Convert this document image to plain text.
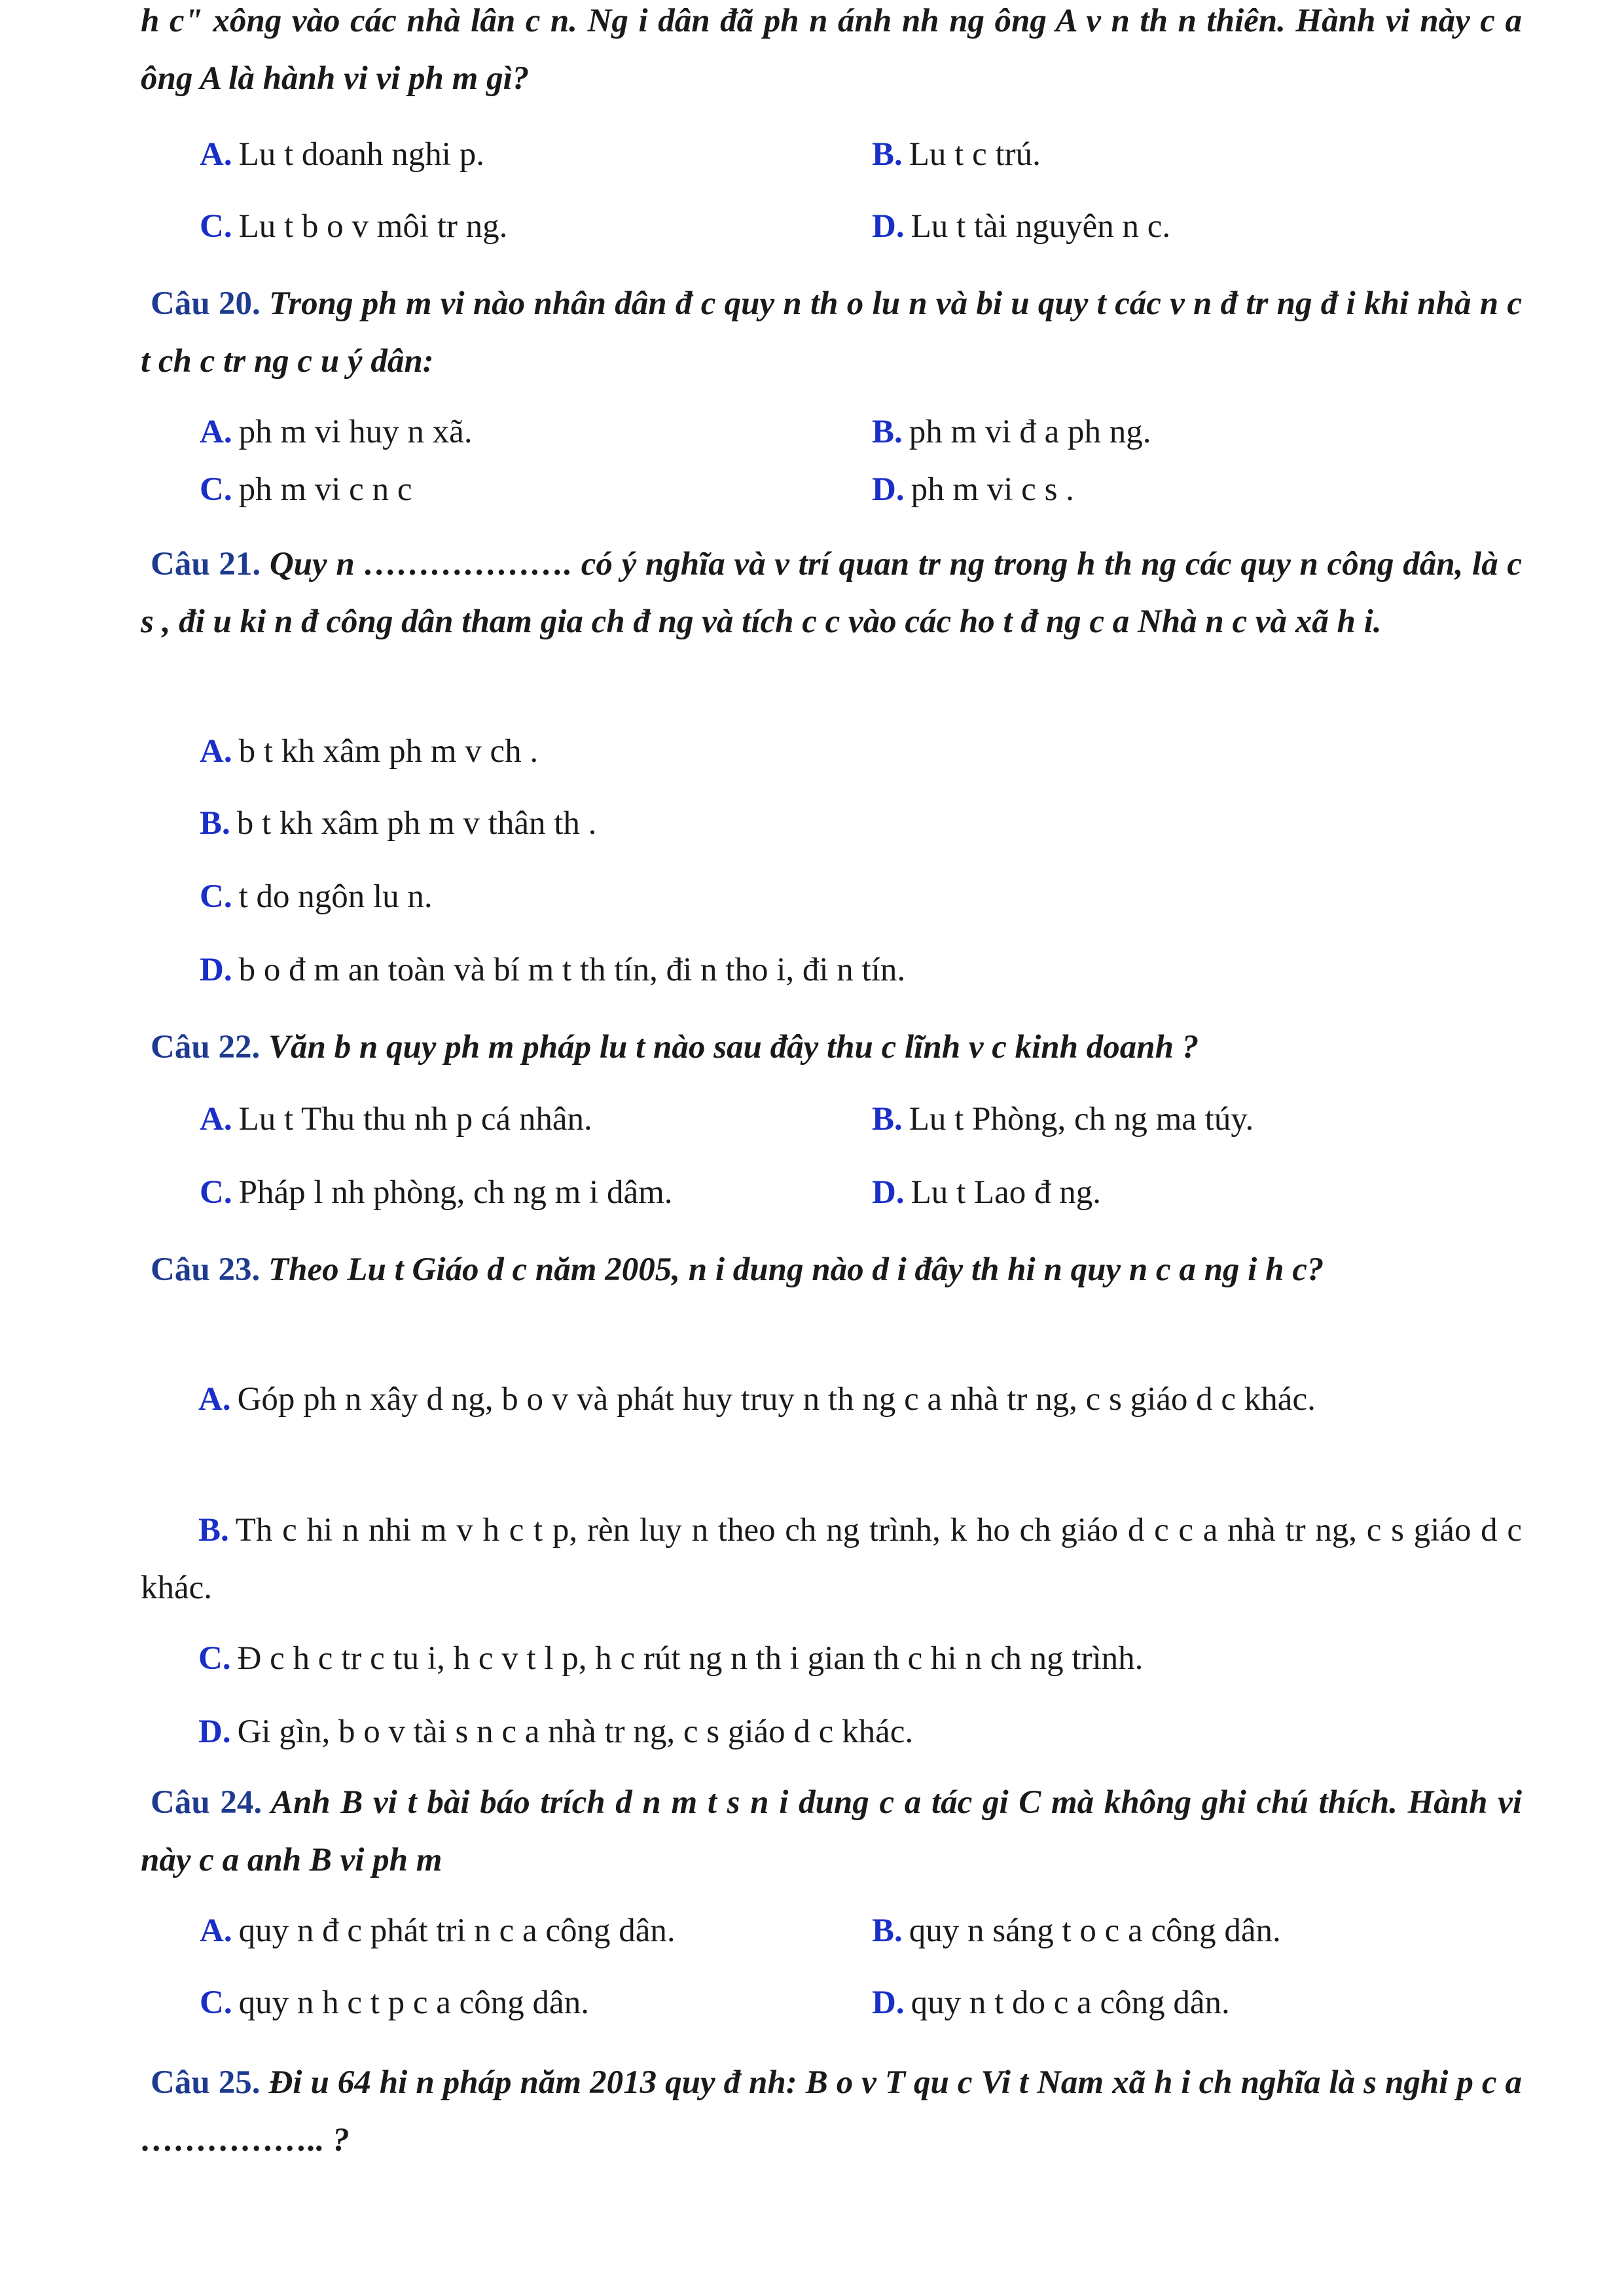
h c" xông vào các nhà lân c n. Ng i dân đã ph n ánh nh ng ông A v n th n thiên. Hành vi này c a ông A là hành vi vi ph m gì?
A. Lu t doanh nghi p.	B. Lu t c trú.
C. Lu t b o v môi tr ng.	D. Lu t tài nguyên n c.
Câu 20. Trong ph m vi nào nhân dân đ c quy n th o lu n và bi u quy t các v n đ tr ng đ i khi nhà n c t ch c tr ng c u ý dân:
A. ph m vi huy n xã.	B. ph m vi đ a ph ng.
C. ph m vi c n c	D. ph m vi c s .
Câu 21. Quy n ………………. có ý nghĩa và v trí quan tr ng trong h th ng các quy n công dân, là c s , đi u ki n đ công dân tham gia ch đ ng và tích c c vào các ho t đ ng c a Nhà n c và xã h i.
A. b t kh xâm ph m v ch .
B. b t kh xâm ph m v thân th .
C. t do ngôn lu n.
D. b o đ m an toàn và bí m t th tín, đi n tho i, đi n tín.
Câu 22. Văn b n quy ph m pháp lu t nào sau đây thu c lĩnh v c kinh doanh ?
A. Lu t Thu thu nh p cá nhân.	B. Lu t Phòng, ch ng ma túy.
C. Pháp l nh phòng, ch ng m i dâm.	D. Lu t Lao đ ng.
Câu 23. Theo Lu t Giáo d c năm 2005, n i dung nào d i đây th hi n quy n c a ng i h c?
A. Góp ph n xây d ng, b o v và phát huy truy n th ng c a nhà tr ng, c s giáo d c khác.
B. Th c hi n nhi m v h c t p, rèn luy n theo ch ng trình, k ho ch giáo d c c a nhà tr ng, c s giáo d c khác.
C. Đ c h c tr c tu i, h c v t l p, h c rút ng n th i gian th c hi n ch ng trình.
D. Gi gìn, b o v tài s n c a nhà tr ng, c s giáo d c khác.
Câu 24. Anh B vi t bài báo trích d n m t s n i dung c a tác gi C mà không ghi chú thích. Hành vi này c a anh B vi ph m
A. quy n đ c phát tri n c a công dân.	B. quy n sáng t o c a công dân.
C. quy n h c t p c a công dân.	D. quy n t do c a công dân.
Câu 25. Đi u 64 hi n pháp năm 2013 quy đ nh: B o v T qu c Vi t Nam xã h i ch nghĩa là s nghi p c a …………….. ?
